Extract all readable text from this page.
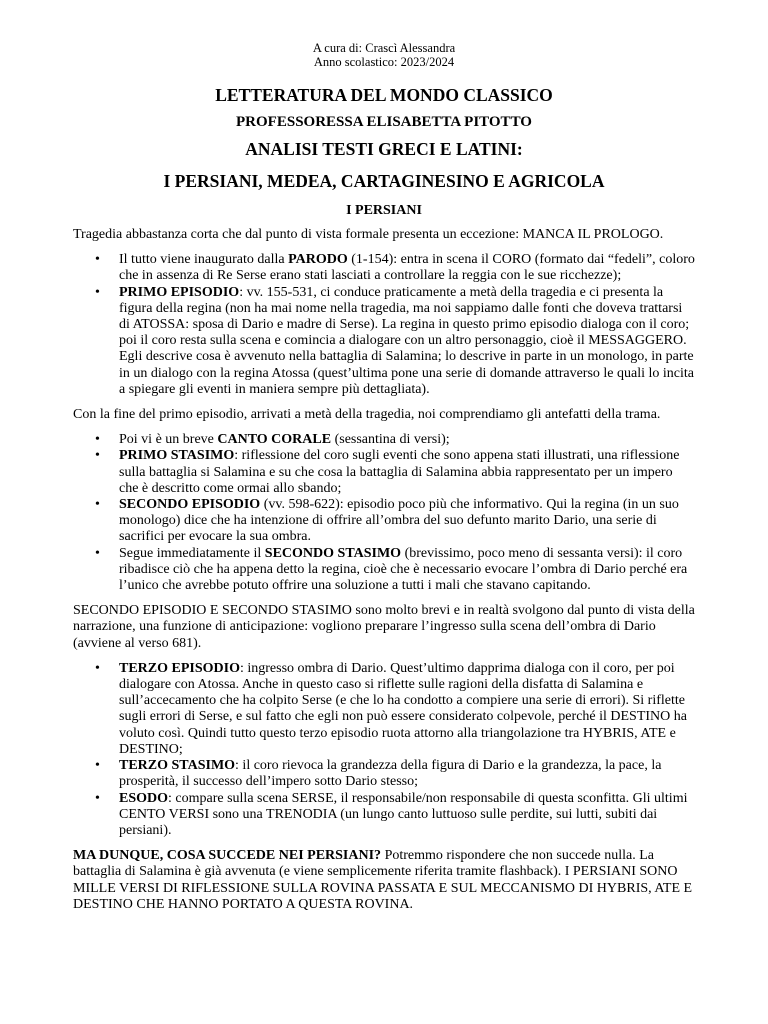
A cura di: Crascì Alessandra
Anno scolastico: 2023/2024
LETTERATURA DEL MONDO CLASSICO
PROFESSORESSA ELISABETTA PITOTTO
ANALISI TESTI GRECI E LATINI:
I PERSIANI, MEDEA, CARTAGINESINO E AGRICOLA
I PERSIANI

Tragedia abbastanza corta che dal punto di vista formale presenta un eccezione: MANCA IL PROLOGO.

• Il tutto viene inaugurato dalla PARODO (1-154): entra in scena il CORO (formato dai “fedeli”, coloro che in assenza di Re Serse erano stati lasciati a controllare la reggia con le sue ricchezze);
• PRIMO EPISODIO: vv. 155-531, ci conduce praticamente a metà della tragedia e ci presenta la figura della regina (non ha mai nome nella tragedia, ma noi sappiamo dalle fonti che doveva trattarsi di ATOSSA: sposa di Dario e madre di Serse). La regina in questo primo episodio dialoga con il coro; poi il coro resta sulla scena e comincia a dialogare con un altro personaggio, cioè il MESSAGGERO. Egli descrive cosa è avvenuto nella battaglia di Salamina; lo descrive in parte in un monologo, in parte in un dialogo con la regina Atossa (quest’ultima pone una serie di domande attraverso le quali lo incita a spiegare gli eventi in maniera sempre più dettagliata).

Con la fine del primo episodio, arrivati a metà della tragedia, noi comprendiamo gli antefatti della trama.

• Poi vi è un breve CANTO CORALE (sessantina di versi);
• PRIMO STASIMO: riflessione del coro sugli eventi che sono appena stati illustrati, una riflessione sulla battaglia si Salamina e su che cosa la battaglia di Salamina abbia rappresentato per un impero che è descritto come ormai allo sbando;
• SECONDO EPISODIO (vv. 598-622): episodio poco più che informativo. Qui la regina (in un suo monologo) dice che ha intenzione di offrire all’ombra del suo defunto marito Dario, una serie di sacrifici per evocare la sua ombra.
• Segue immediatamente il SECONDO STASIMO (brevissimo, poco meno di sessanta versi): il coro ribadisce ciò che ha appena detto la regina, cioè che è necessario evocare l’ombra di Dario perché era l’unico che avrebbe potuto offrire una soluzione a tutti i mali che stavano capitando.

SECONDO EPISODIO E SECONDO STASIMO sono molto brevi e in realtà svolgono dal punto di vista della narrazione, una funzione di anticipazione: vogliono preparare l’ingresso sulla scena dell’ombra di Dario (avviene al verso 681).

• TERZO EPISODIO: ingresso ombra di Dario. Quest’ultimo dapprima dialoga con il coro, per poi dialogare con Atossa. Anche in questo caso si riflette sulle ragioni della disfatta di Salamina e sull’accecamento che ha colpito Serse (e che lo ha condotto a compiere una serie di errori). Si riflette sugli errori di Serse, e sul fatto che egli non può essere considerato colpevole, perché il DESTINO ha voluto così. Quindi tutto questo terzo episodio ruota attorno alla triangolazione tra HYBRIS, ATE e DESTINO;
• TERZO STASIMO: il coro rievoca la grandezza della figura di Dario e la grandezza, la pace, la prosperità, il successo dell’impero sotto Dario stesso;
• ESODO: compare sulla scena SERSE, il responsabile/non responsabile di questa sconfitta. Gli ultimi CENTO VERSI sono una TRENODIA (un lungo canto luttuoso sulle perdite, sui lutti, subiti dai persiani).

MA DUNQUE, COSA SUCCEDE NEI PERSIANI? Potremmo rispondere che non succede nulla. La battaglia di Salamina è già avvenuta (e viene semplicemente riferita tramite flashback). I PERSIANI SONO MILLE VERSI DI RIFLESSIONE SULLA ROVINA PASSATA E SUL MECCANISMO DI HYBRIS, ATE E DESTINO CHE HANNO PORTATO A QUESTA ROVINA.
